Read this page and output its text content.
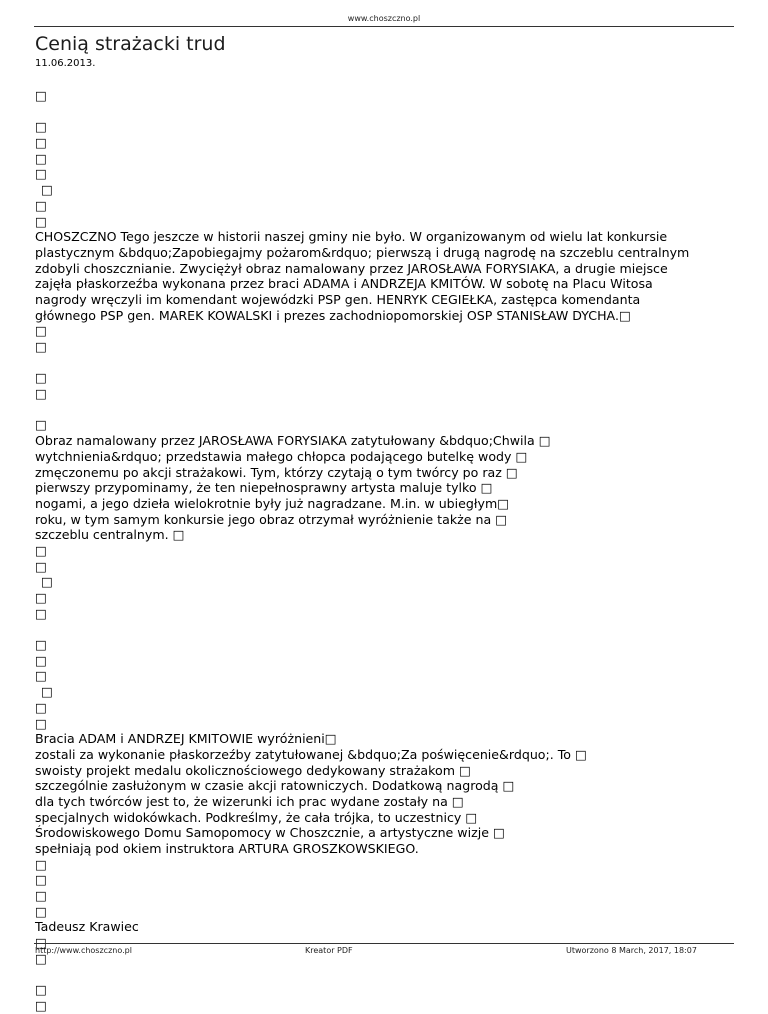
www.choszczno.pl
Cenią strażacki trud
11.06.2013.
□
□
□
□
□
□
□
□
CHOSZCZNO Tego jeszcze w historii naszej gminy nie było. W organizowanym od wielu lat konkursie
plastycznym &bdquo;Zapobiegajmy pożarom&rdquo; pierwszą i drugą nagrodę na szczeblu centralnym
zdobyli choszcznianie. Zwyciężył obraz namalowany przez JAROSŁAWA FORYSIAKA, a drugie miejsce
zajęła płaskorzeźba wykonana przez braci ADAMA i ANDRZEJA KMITÓW. W sobotę na Placu Witosa
nagrody wręczyli im komendant wojewódzki PSP gen. HENRYK CEGIEŁKA, zastępca komendanta
głównego PSP gen. MAREK KOWALSKI i prezes zachodniopomorskiej OSP STANISŁAW DYCHA.□
□
□
□
□
□
Obraz namalowany przez JAROSŁAWA FORYSIAKA zatytułowany &bdquo;Chwila □
wytchnienia&rdquo; przedstawia małego chłopca podającego butelkę wody □
zmęczonemu po akcji strażakowi. Tym, którzy czytają o tym twórcy po raz □
pierwszy przypominamy, że ten niepełnosprawny artysta maluje tylko □
nogami, a jego dzieła wielokrotnie były już nagradzane. M.in. w ubiegłym□
roku, w tym samym konkursie jego obraz otrzymał wyróżnienie także na □
szczeblu centralnym. □
□
□
□
□
□
□
□
□
□
□
□
Bracia ADAM i ANDRZEJ KMITOWIE wyróżnieni□
zostali za wykonanie płaskorzeźby zatytułowanej &bdquo;Za poświęcenie&rdquo;. To □
swoisty projekt medalu okolicznościowego dedykowany strażakom □
szczególnie zasłużonym w czasie akcji ratowniczych. Dodatkową nagrodą □
dla tych twórców jest to, że wizerunki ich prac wydane zostały na □
specjalnych widokówkach. Podkreślmy, że cała trójka, to uczestnicy □
Środowiskowego Domu Samopomocy w Choszcznie, a artystyczne wizje □
spełniają pod okiem instruktora ARTURA GROSZKOWSKIEGO.
□
□
□
□
Tadeusz Krawiec
□
□
□
□
http://www.choszczno.pl	Kreator PDF	Utworzono 8 March, 2017, 18:07
